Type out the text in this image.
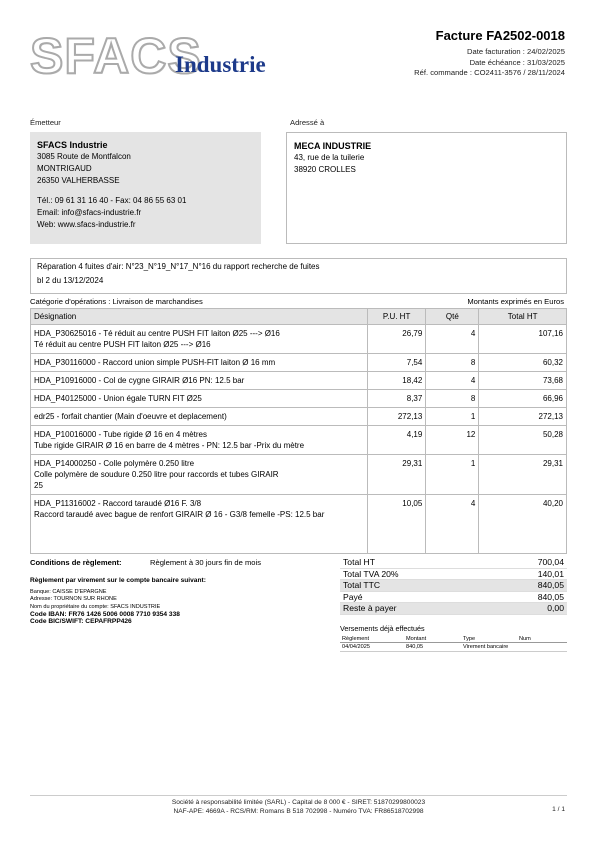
SFACS
Industrie
Facture FA2502-0018
Date facturation : 24/02/2025
Date échéance : 31/03/2025
Réf. commande : CO2411-3576 / 28/11/2024
Émetteur	Adressé à
SFACS Industrie
3085 Route de Montfalcon
MONTRIGAUD
26350 VALHERBASSE
Tél.: 09 61 31 16 40 - Fax: 04 86 55 63 01
Email: info@sfacs-industrie.fr
Web: www.sfacs-industrie.fr
MECA INDUSTRIE
43, rue de la tuilerie
38920 CROLLES
Réparation 4 fuites d'air: N°23_N°19_N°17_N°16 du rapport recherche de fuites
bl 2 du 13/12/2024
Catégorie d'opérations : Livraison de marchandises	Montants exprimés en Euros
Désignation	P.U. HT	Qté	Total HT

HDA_P30625016 - Té réduit au centre PUSH FIT laiton Ø25 ---> Ø16
Té réduit au centre PUSH FIT laiton Ø25 ---> Ø16	26,79	4	107,16

HDA_P30116000 - Raccord union simple PUSH-FIT laiton Ø 16 mm	7,54	8	60,32

HDA_P10916000 - Col de cygne GIRAIR Ø16 PN: 12.5 bar	18,42	4	73,68

HDA_P40125000 - Union égale TURN FIT Ø25	8,37	8	66,96

edr25 - forfait chantier (Main d'oeuvre et deplacement)	272,13	1	272,13

HDA_P10016000 - Tube rigide Ø 16 en 4 mètres
Tube rigide GIRAIR Ø 16 en barre de 4 mètres - PN: 12.5 bar -Prix du mètre	4,19	12	50,28

HDA_P14000250 - Colle polymère 0.250 litre
Colle polymère de soudure 0.250 litre pour raccords et tubes GIRAIR
25	29,31	1	29,31

HDA_P11316002 - Raccord taraudé Ø16 F. 3/8
Raccord taraudé avec bague de renfort GIRAIR Ø 16 - G3/8 femelle -PS: 12.5 bar	10,05	4	40,20
Conditions de règlement:	Règlement à 30 jours fin de mois
Règlement par virement sur le compte bancaire suivant:
Banque: CAISSE D'EPARGNE
Adresse: TOURNON SUR RHONE
Nom du propriétaire du compte: SFACS INDUSTRIE
Code IBAN: FR76 1426 5006 0008 7710 9354 338
Code BIC/SWIFT: CEPAFRPP426
Total HT	700,04
Total TVA 20%	140,01
Total TTC	840,05
Payé	840,05
Reste à payer	0,00
Versements déjà effectués
Règlement	Montant	Type	Num
04/04/2025	840,05	Virement bancaire	
Société à responsabilité limitée (SARL) - Capital de 8 000 € - SIRET: 51870299800023
NAF-APE: 4669A - RCS/RM: Romans B 518 702998 - Numéro TVA: FR86518702998	1 / 1
